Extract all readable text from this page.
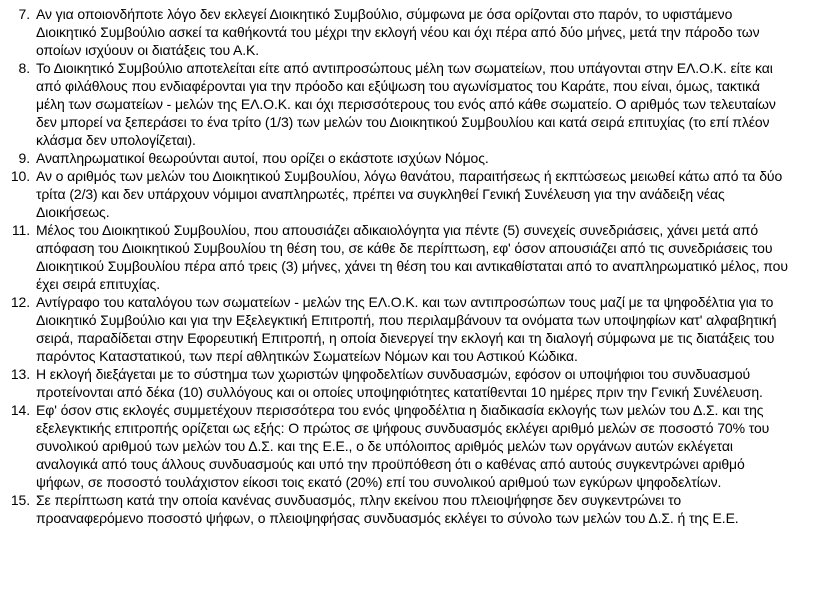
7. Αν για οποιονδήποτε λόγο δεν εκλεγεί Διοικητικό Συμβούλιο, σύμφωνα με όσα ορίζονται στο παρόν, το υφιστάμενο Διοικητικό Συμβούλιο ασκεί τα καθήκοντά του μέχρι την εκλογή νέου και όχι πέρα από δύο μήνες, μετά την πάροδο των οποίων ισχύουν οι διατάξεις του Α.Κ.
8. Το Διοικητικό Συμβούλιο αποτελείται είτε από αντιπροσώπους μέλη των σωματείων, που υπάγονται στην ΕΛ.Ο.Κ. είτε και από φιλάθλους που ενδιαφέρονται για την πρόοδο και εξύψωση του αγωνίσματος του Καράτε, που είναι, όμως, τακτικά μέλη των σωματείων - μελών της ΕΛ.Ο.Κ. και όχι περισσότερους του ενός από κάθε σωματείο. Ο αριθμός των τελευταίων δεν μπορεί να ξεπεράσει το ένα τρίτο (1/3) των μελών του Διοικητικού Συμβουλίου και κατά σειρά επιτυχίας (το επί πλέον κλάσμα δεν υπολογίζεται).
9. Αναπληρωματικοί θεωρούνται αυτοί, που ορίζει ο εκάστοτε ισχύων Νόμος.
10. Αν ο αριθμός των μελών του Διοικητικού Συμβουλίου, λόγω θανάτου, παραιτήσεως ή εκπτώσεως μειωθεί κάτω από τα δύο τρίτα (2/3) και δεν υπάρχουν νόμιμοι αναπληρωτές, πρέπει να συγκληθεί Γενική Συνέλευση για την ανάδειξη νέας Διοικήσεως.
11. Μέλος του Διοικητικού Συμβουλίου, που απουσιάζει αδικαιολόγητα για πέντε (5) συνεχείς συνεδριάσεις, χάνει μετά από απόφαση του Διοικητικού Συμβουλίου τη θέση του, σε κάθε δε περίπτωση, εφ' όσον απουσιάζει από τις συνεδριάσεις του Διοικητικού Συμβουλίου πέρα από τρεις (3) μήνες, χάνει τη θέση του και αντικαθίσταται από το αναπληρωματικό μέλος, που έχει σειρά επιτυχίας.
12. Αντίγραφο του καταλόγου των σωματείων - μελών της ΕΛ.Ο.Κ. και των αντιπροσώπων τους μαζί με τα ψηφοδέλτια για το Διοικητικό Συμβούλιο και για την Εξελεγκτική Επιτροπή, που περιλαμβάνουν τα ονόματα των υποψηφίων κατ' αλφαβητική σειρά, παραδίδεται στην Εφορευτική Επιτροπή, η οποία διενεργεί την εκλογή και τη διαλογή σύμφωνα με τις διατάξεις του παρόντος Καταστατικού, των περί αθλητικών Σωματείων Νόμων και του Αστικού Κώδικα.
13. Η εκλογή διεξάγεται με το σύστημα των χωριστών ψηφοδελτίων συνδυασμών, εφόσον οι υποψήφιοι του συνδυασμού προτείνονται από δέκα (10) συλλόγους και οι οποίες υποψηφιότητες κατατίθενται 10 ημέρες πριν την Γενική Συνέλευση.
14. Εφ' όσον στις εκλογές συμμετέχουν περισσότερα του ενός ψηφοδέλτια η διαδικασία εκλογής των μελών του Δ.Σ. και της εξελεγκτικής επιτροπής ορίζεται ως εξής: Ο πρώτος σε ψήφους συνδυασμός εκλέγει αριθμό μελών σε ποσοστό 70% του συνολικού αριθμού των μελών του Δ.Σ. και της Ε.Ε., ο δε υπόλοιπος αριθμός μελών των οργάνων αυτών εκλέγεται αναλογικά από τους άλλους συνδυασμούς και υπό την προϋπόθεση ότι ο καθένας από αυτούς συγκεντρώνει αριθμό ψήφων, σε ποσοστό τουλάχιστον είκοσι τοις εκατό (20%) επί του συνολικού αριθμού των εγκύρων ψηφοδελτίων.
15. Σε περίπτωση κατά την οποία κανένας συνδυασμός, πλην εκείνου που πλειοψήφησε δεν συγκεντρώνει το προαναφερόμενο ποσοστό ψήφων, ο πλειοψηφήσας συνδυασμός εκλέγει το σύνολο των μελών του Δ.Σ. ή της Ε.Ε.
